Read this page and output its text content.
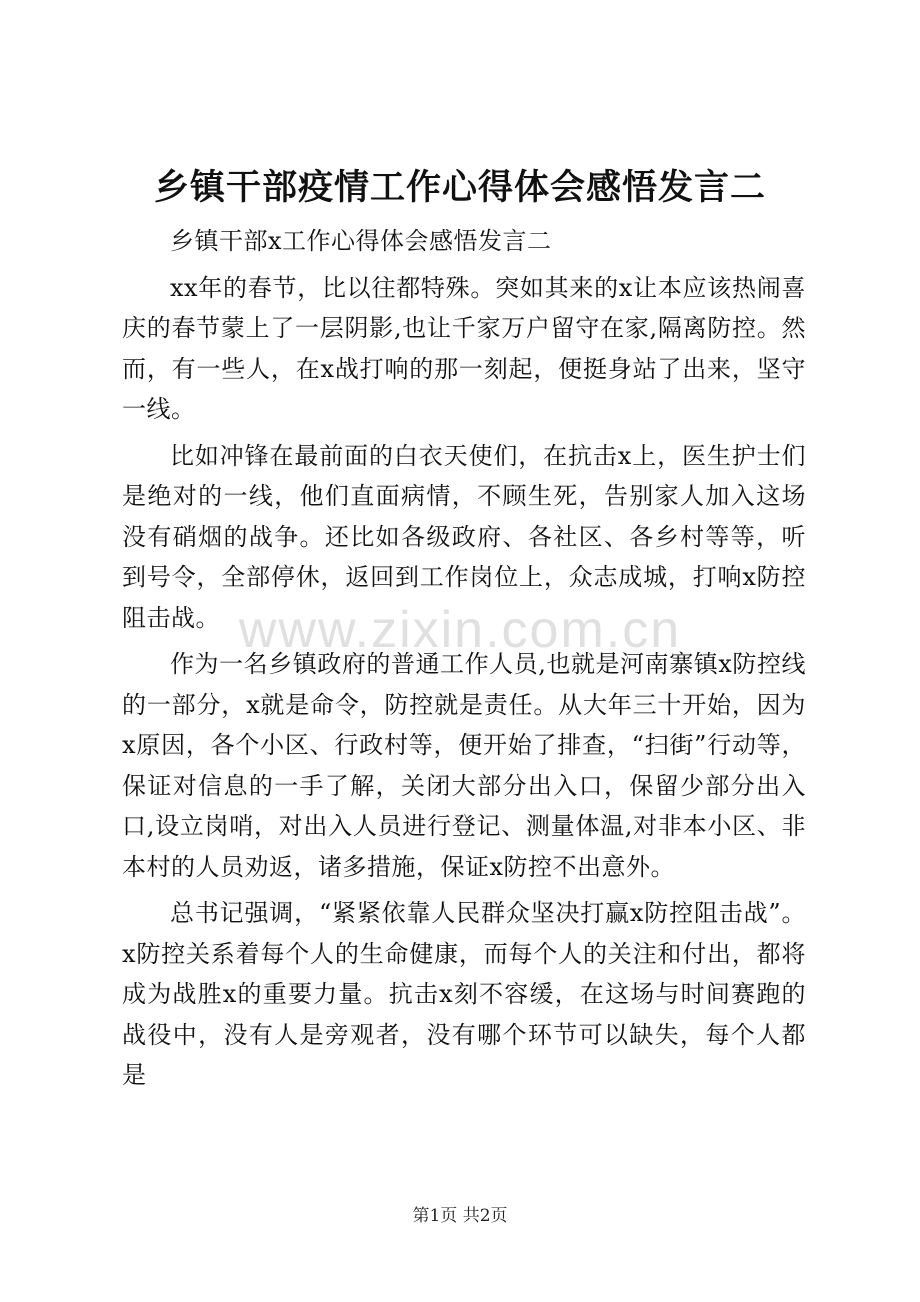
乡镇干部疫情工作心得体会感悟发言二

乡镇干部x工作心得体会感悟发言二

xx年的春节，比以往都特殊。突如其来的x让本应该热闹喜庆的春节蒙上了一层阴影,也让千家万户留守在家,隔离防控。然而，有一些人，在x战打响的那一刻起，便挺身站了出来，坚守一线。

比如冲锋在最前面的白衣天使们，在抗击x上，医生护士们是绝对的一线，他们直面病情，不顾生死，告别家人加入这场没有硝烟的战争。还比如各级政府、各社区、各乡村等等，听到号令，全部停休，返回到工作岗位上，众志成城，打响x防控阻击战。

作为一名乡镇政府的普通工作人员,也就是河南寨镇x防控线的一部分，x就是命令，防控就是责任。从大年三十开始，因为x原因，各个小区、行政村等，便开始了排查，“扫街”行动等，保证对信息的一手了解，关闭大部分出入口，保留少部分出入口,设立岗哨，对出入人员进行登记、测量体温,对非本小区、非本村的人员劝返，诸多措施，保证x防控不出意外。

总书记强调，“紧紧依靠人民群众坚决打赢x防控阻击战”。x防控关系着每个人的生命健康，而每个人的关注和付出，都将成为战胜x的重要力量。抗击x刻不容缓，在这场与时间赛跑的战役中，没有人是旁观者，没有哪个环节可以缺失，每个人都是

www.zixin.com.cn
第1页 共2页
